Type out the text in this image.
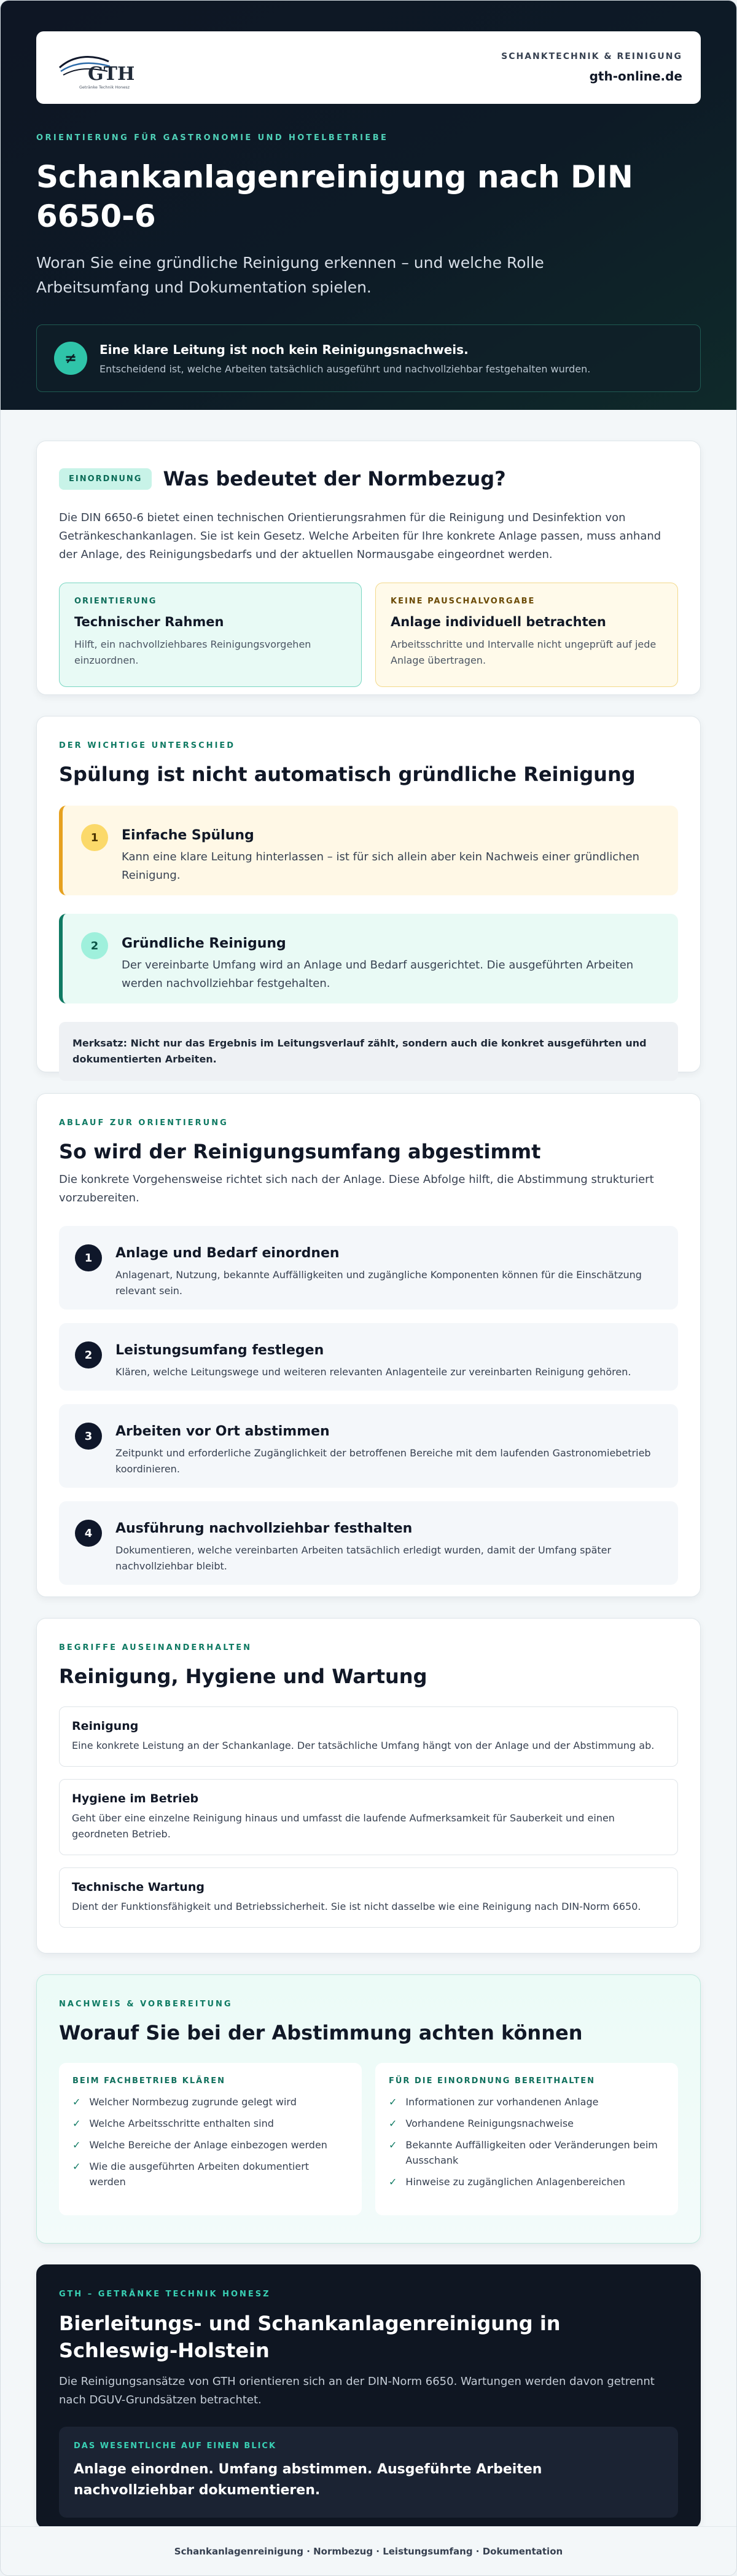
GTH
Getränke Technik Honesz
SCHANKTECHNIK & REINIGUNG
gth-online.de
ORIENTIERUNG FÜR GASTRONOMIE UND HOTELBETRIEBE
Schankanlagenreinigung nach DIN 6650-6

Woran Sie eine gründliche Reinigung erkennen – und welche Rolle Arbeitsumfang und Dokumentation spielen.

≠
Eine klare Leitung ist noch kein Reinigungsnachweis.
Entscheidend ist, welche Arbeiten tatsächlich ausgeführt und nachvollziehbar festgehalten wurden.
EINORDNUNG	Was bedeutet der Normbezug?

Die DIN 6650-6 bietet einen technischen Orientierungsrahmen für die Reinigung und Desinfektion von Getränkeschankanlagen. Sie ist kein Gesetz. Welche Arbeiten für Ihre konkrete Anlage passen, muss anhand der Anlage, des Reinigungsbedarfs und der aktuellen Normausgabe eingeordnet werden.

ORIENTIERUNG
Technischer Rahmen
Hilft, ein nachvollziehbares Reinigungsvorgehen einzuordnen.
KEINE PAUSCHALVORGABE
Anlage individuell betrachten
Arbeitsschritte und Intervalle nicht ungeprüft auf jede Anlage übertragen.
DER WICHTIGE UNTERSCHIED
Spülung ist nicht automatisch gründliche Reinigung
1	Einfache Spülung
Kann eine klare Leitung hinterlassen – ist für sich allein aber kein Nachweis einer gründlichen Reinigung.
2	Gründliche Reinigung
Der vereinbarte Umfang wird an Anlage und Bedarf ausgerichtet. Die ausgeführten Arbeiten werden nachvollziehbar festgehalten.
Merksatz: Nicht nur das Ergebnis im Leitungsverlauf zählt, sondern auch die konkret ausgeführten und dokumentierten Arbeiten.
ABLAUF ZUR ORIENTIERUNG
So wird der Reinigungsumfang abgestimmt

Die konkrete Vorgehensweise richtet sich nach der Anlage. Diese Abfolge hilft, die Abstimmung strukturiert vorzubereiten.

1	Anlage und Bedarf einordnen
Anlagenart, Nutzung, bekannte Auffälligkeiten und zugängliche Komponenten können für die Einschätzung relevant sein.
2	Leistungsumfang festlegen
Klären, welche Leitungswege und weiteren relevanten Anlagenteile zur vereinbarten Reinigung gehören.
3	Arbeiten vor Ort abstimmen
Zeitpunkt und erforderliche Zugänglichkeit der betroffenen Bereiche mit dem laufenden Gastronomiebetrieb koordinieren.
4	Ausführung nachvollziehbar festhalten
Dokumentieren, welche vereinbarten Arbeiten tatsächlich erledigt wurden, damit der Umfang später nachvollziehbar bleibt.
BEGRIFFE AUSEINANDERHALTEN
Reinigung, Hygiene und Wartung
Reinigung
Eine konkrete Leistung an der Schankanlage. Der tatsächliche Umfang hängt von der Anlage und der Abstimmung ab.
Hygiene im Betrieb
Geht über eine einzelne Reinigung hinaus und umfasst die laufende Aufmerksamkeit für Sauberkeit und einen geordneten Betrieb.
Technische Wartung
Dient der Funktionsfähigkeit und Betriebssicherheit. Sie ist nicht dasselbe wie eine Reinigung nach DIN-Norm 6650.
NACHWEIS & VORBEREITUNG
Worauf Sie bei der Abstimmung achten können
BEIM FACHBETRIEB KLÄREN
✓ Welcher Normbezug zugrunde gelegt wird
✓ Welche Arbeitsschritte enthalten sind
✓ Welche Bereiche der Anlage einbezogen werden
✓ Wie die ausgeführten Arbeiten dokumentiert werden
FÜR DIE EINORDNUNG BEREITHALTEN
✓ Informationen zur vorhandenen Anlage
✓ Vorhandene Reinigungsnachweise
✓ Bekannte Auffälligkeiten oder Veränderungen beim Ausschank
✓ Hinweise zu zugänglichen Anlagenbereichen
GTH – GETRÄNKE TECHNIK HONESZ
Bierleitungs- und Schankanlagenreinigung in Schleswig-Holstein

Die Reinigungsansätze von GTH orientieren sich an der DIN-Norm 6650. Wartungen werden davon getrennt nach DGUV-Grundsätzen betrachtet.

DAS WESENTLICHE AUF EINEN BLICK
Anlage einordnen. Umfang abstimmen. Ausgeführte Arbeiten nachvollziehbar dokumentieren.
Schankanlagenreinigung · Normbezug · Leistungsumfang · Dokumentation
